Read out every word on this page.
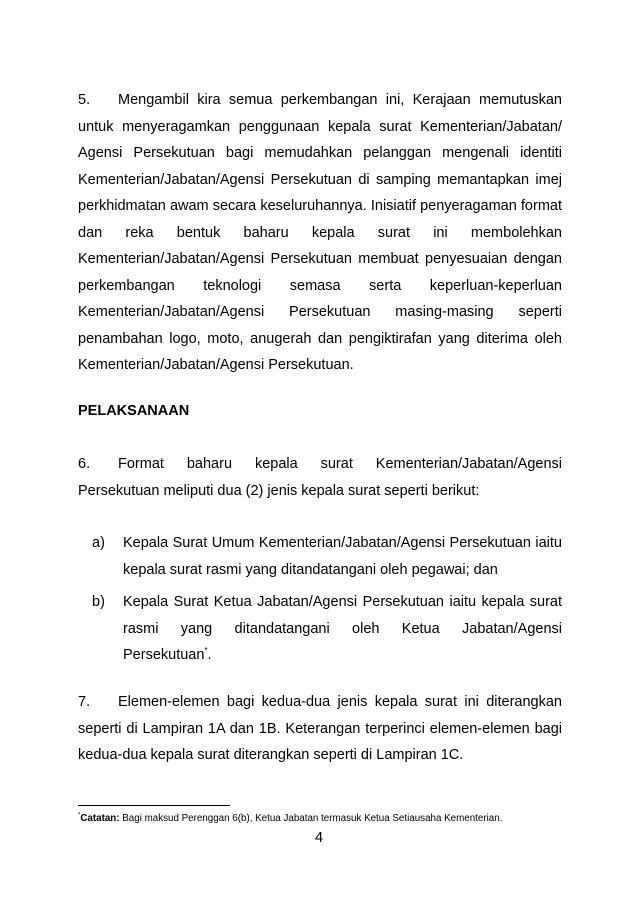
5. Mengambil kira semua perkembangan ini, Kerajaan memutuskan untuk menyeragamkan penggunaan kepala surat Kementerian/Jabatan/ Agensi Persekutuan bagi memudahkan pelanggan mengenali identiti Kementerian/Jabatan/Agensi Persekutuan di samping memantapkan imej perkhidmatan awam secara keseluruhannya. Inisiatif penyeragaman format dan reka bentuk baharu kepala surat ini membolehkan Kementerian/Jabatan/Agensi Persekutuan membuat penyesuaian dengan perkembangan teknologi semasa serta keperluan-keperluan Kementerian/Jabatan/Agensi Persekutuan masing-masing seperti penambahan logo, moto, anugerah dan pengiktirafan yang diterima oleh Kementerian/Jabatan/Agensi Persekutuan.

PELAKSANAAN

6. Format baharu kepala surat Kementerian/Jabatan/Agensi Persekutuan meliputi dua (2) jenis kepala surat seperti berikut:

a) Kepala Surat Umum Kementerian/Jabatan/Agensi Persekutuan iaitu kepala surat rasmi yang ditandatangani oleh pegawai; dan
b) Kepala Surat Ketua Jabatan/Agensi Persekutuan iaitu kepala surat rasmi yang ditandatangani oleh Ketua Jabatan/Agensi Persekutuan*.

7. Elemen-elemen bagi kedua-dua jenis kepala surat ini diterangkan seperti di Lampiran 1A dan 1B. Keterangan terperinci elemen-elemen bagi kedua-dua kepala surat diterangkan seperti di Lampiran 1C.

*Catatan: Bagi maksud Perenggan 6(b), Ketua Jabatan termasuk Ketua Setiausaha Kementerian.

4
